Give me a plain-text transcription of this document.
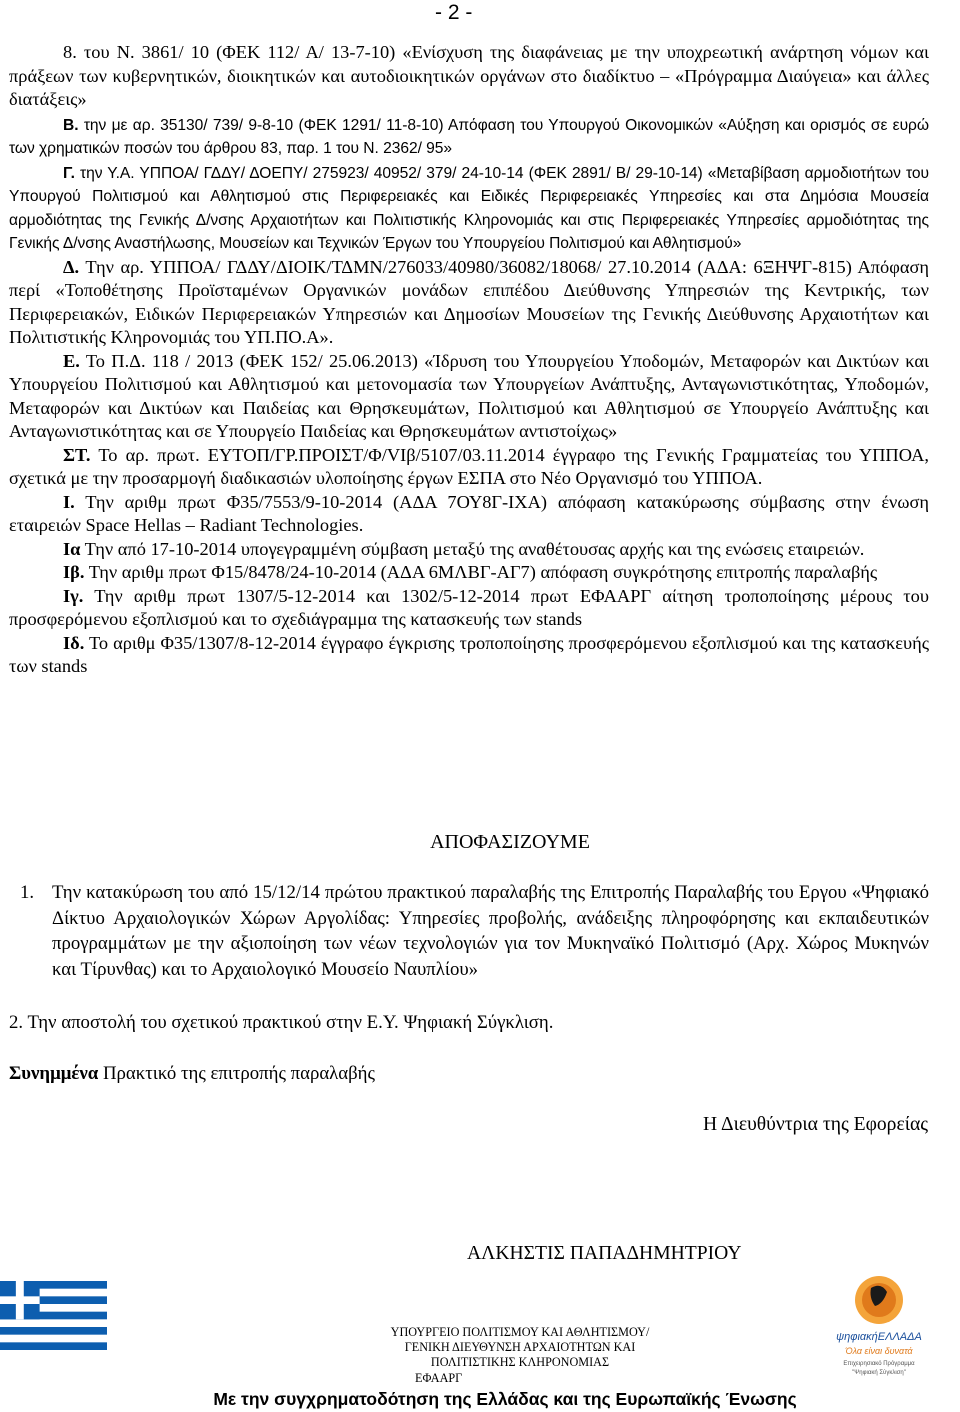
- 2 -

8. του Ν. 3861/ 10 (ΦΕΚ 112/ Α/ 13-7-10) «Ενίσχυση της διαφάνειας με την υποχρεωτική ανάρτηση νόμων και πράξεων των κυβερνητικών, διοικητικών και αυτοδιοικητικών οργάνων στο διαδίκτυο – «Πρόγραμμα Διαύγεια» και άλλες διατάξεις»

Β. την με αρ. 35130/ 739/ 9-8-10 (ΦΕΚ 1291/ 11-8-10) Απόφαση του Υπουργού Οικονομικών «Αύξηση και ορισμός σε ευρώ των χρηματικών ποσών του άρθρου 83, παρ. 1 του Ν. 2362/ 95»

Γ. την Υ.Α. ΥΠΠΟΑ/ ΓΔΔΥ/ ΔΟΕΠΥ/ 275923/ 40952/ 379/ 24-10-14 (ΦΕΚ 2891/ Β/ 29-10-14) «Μεταβίβαση αρμοδιοτήτων του Υπουργού Πολιτισμού και Αθλητισμού στις Περιφερειακές και Ειδικές Περιφερειακές Υπηρεσίες και στα Δημόσια Μουσεία αρμοδιότητας της Γενικής Δ/νσης Αρχαιοτήτων και Πολιτιστικής Κληρονομιάς και στις Περιφερειακές Υπηρεσίες αρμοδιότητας της Γενικής Δ/νσης Αναστήλωσης, Μουσείων και Τεχνικών Έργων του Υπουργείου Πολιτισμού και Αθλητισμού»

Δ. Την αρ. ΥΠΠΟΑ/ ΓΔΔΥ/ΔΙΟΙΚ/ΤΔΜΝ/276033/40980/36082/18068/ 27.10.2014 (ΑΔΑ: 6ΞΗΨΓ-815) Απόφαση περί «Τοποθέτησης Προϊσταμένων Οργανικών μονάδων επιπέδου Διεύθυνσης Υπηρεσιών της Κεντρικής, των Περιφερειακών, Ειδικών Περιφερειακών Υπηρεσιών και Δημοσίων Μουσείων της Γενικής Διεύθυνσης Αρχαιοτήτων και Πολιτιστικής Κληρονομιάς του ΥΠ.ΠΟ.Α».

Ε. Το Π.Δ. 118 / 2013 (ΦΕΚ 152/ 25.06.2013) «Ίδρυση του Υπουργείου Υποδομών, Μεταφορών και Δικτύων και Υπουργείου Πολιτισμού και Αθλητισμού και μετονομασία των Υπουργείων Ανάπτυξης, Ανταγωνιστικότητας, Υποδομών, Μεταφορών και Δικτύων και Παιδείας και Θρησκευμάτων, Πολιτισμού και Αθλητισμού σε Υπουργείο Ανάπτυξης και Ανταγωνιστικότητας και σε Υπουργείο Παιδείας και Θρησκευμάτων αντιστοίχως»

ΣΤ. Το αρ. πρωτ. ΕΥΤΟΠ/ΓΡ.ΠΡΟΙΣΤ/Φ/VΙβ/5107/03.11.2014 έγγραφο της Γενικής Γραμματείας του ΥΠΠΟΑ, σχετικά με την προσαρμογή διαδικασιών υλοποίησης έργων ΕΣΠΑ στο Νέο Οργανισμό του ΥΠΠΟΑ.

Ι. Την αριθμ πρωτ Φ35/7553/9-10-2014 (ΑΔΑ 7ΟΥ8Γ-ΙΧΑ) απόφαση κατακύρωσης σύμβασης στην ένωση εταιρειών Space Hellas – Radiant Technologies.

Ια Την από 17-10-2014 υπογεγραμμένη σύμβαση μεταξύ της αναθέτουσας αρχής και της ενώσεις εταιρειών.

Ιβ. Την αριθμ πρωτ Φ15/8478/24-10-2014 (ΑΔΑ 6ΜΛΒΓ-ΑΓ7) απόφαση συγκρότησης επιτροπής παραλαβής

Ιγ. Την αριθμ πρωτ 1307/5-12-2014 και 1302/5-12-2014 πρωτ ΕΦΑΑΡΓ αίτηση τροποποίησης μέρους του προσφερόμενου εξοπλισμού και το σχεδιάγραμμα της κατασκευής των stands

Ιδ. Το αριθμ Φ35/1307/8-12-2014 έγγραφο έγκρισης τροποποίησης προσφερόμενου εξοπλισμού και της κατασκευής των stands

ΑΠΟΦΑΣΙΖΟΥΜΕ
1. Την κατακύρωση του από 15/12/14 πρώτου πρακτικού παραλαβής της Επιτροπής Παραλαβής του Εργου «Ψηφιακό Δίκτυο Αρχαιολογικών Χώρων Αργολίδας: Υπηρεσίες προβολής, ανάδειξης πληροφόρησης και εκπαιδευτικών προγραμμάτων με την αξιοποίηση των νέων τεχνολογιών για τον Μυκηναϊκό Πολιτισμό (Αρχ. Χώρος Μυκηνών και Τίρυνθας) και το Αρχαιολογικό Μουσείο Ναυπλίου»
2. Την αποστολή του σχετικού πρακτικού στην Ε.Υ. Ψηφιακή Σύγκλιση.
Συνημμένα Πρακτικό της επιτροπής παραλαβής
Η Διευθύντρια της Εφορείας
ΑΛΚΗΣΤΙΣ ΠΑΠΑΔΗΜΗΤΡΙΟΥ
ΥΠΟΥΡΓΕΙΟ ΠΟΛΙΤΙΣΜΟΥ ΚΑΙ ΑΘΛΗΤΙΣΜΟΥ/
ΓΕΝΙΚΗ ΔΙΕΥΘΥΝΣΗ ΑΡΧΑΙΟΤΗΤΩΝ ΚΑΙ
ΠΟΛΙΤΙΣΤΙΚΗΣ ΚΛΗΡΟΝΟΜΙΑΣ
ΕΦΑΑΡΓ
ψηφιακήΕΛΛΑΔΑ
Όλα είναι δυνατά
Επιχειρησιακό Πρόγραμμα
"Ψηφιακή Σύγκλιση"
Με την συγχρηματοδότηση της Ελλάδας και της Ευρωπαϊκής Ένωσης
